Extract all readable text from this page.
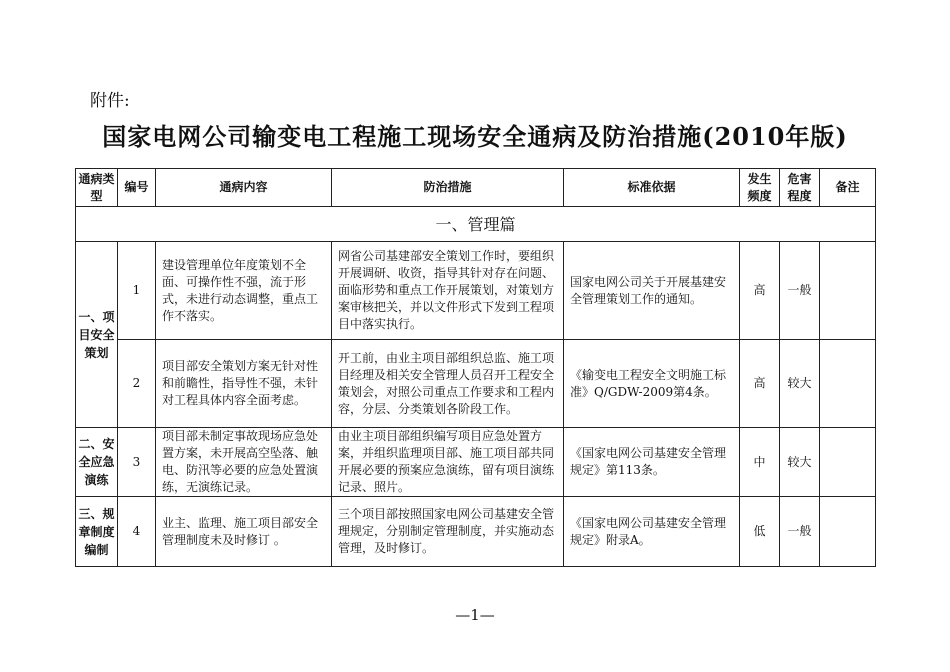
附件:
国家电网公司输变电工程施工现场安全通病及防治措施(2010年版)
通病类型	编号	通病内容	防治措施	标准依据	发生频度	危害程度	备注
一、管理篇							
一、项目安全策划	1	建设管理单位年度策划不全面、可操作性不强，流于形式，未进行动态调整，重点工作不落实。	网省公司基建部安全策划工作时，要组织开展调研、收资，指导其针对存在问题、面临形势和重点工作开展策划，对策划方案审核把关，并以文件形式下发到工程项目中落实执行。	国家电网公司关于开展基建安全管理策划工作的通知。	高	一般	
	2	项目部安全策划方案无针对性和前瞻性，指导性不强，未针对工程具体内容全面考虑。	开工前，由业主项目部组织总监、施工项目经理及相关安全管理人员召开工程安全策划会，对照公司重点工作要求和工程内容，分层、分类策划各阶段工作。	《输变电工程安全文明施工标准》Q/GDW-2009第4条。	高	较大	
二、安全应急演练	3	项目部未制定事故现场应急处置方案，未开展高空坠落、触电、防汛等必要的应急处置演练，无演练记录。	由业主项目部组织编写项目应急处置方案，并组织监理项目部、施工项目部共同开展必要的预案应急演练，留有项目演练记录、照片。	《国家电网公司基建安全管理规定》第113条。	中	较大	
三、规章制度编制	4	业主、监理、施工项目部安全管理制度未及时修订 。	三个项目部按照国家电网公司基建安全管理规定，分别制定管理制度，并实施动态管理，及时修订。	《国家电网公司基建安全管理规定》附录A。	低	一般	
—1—
